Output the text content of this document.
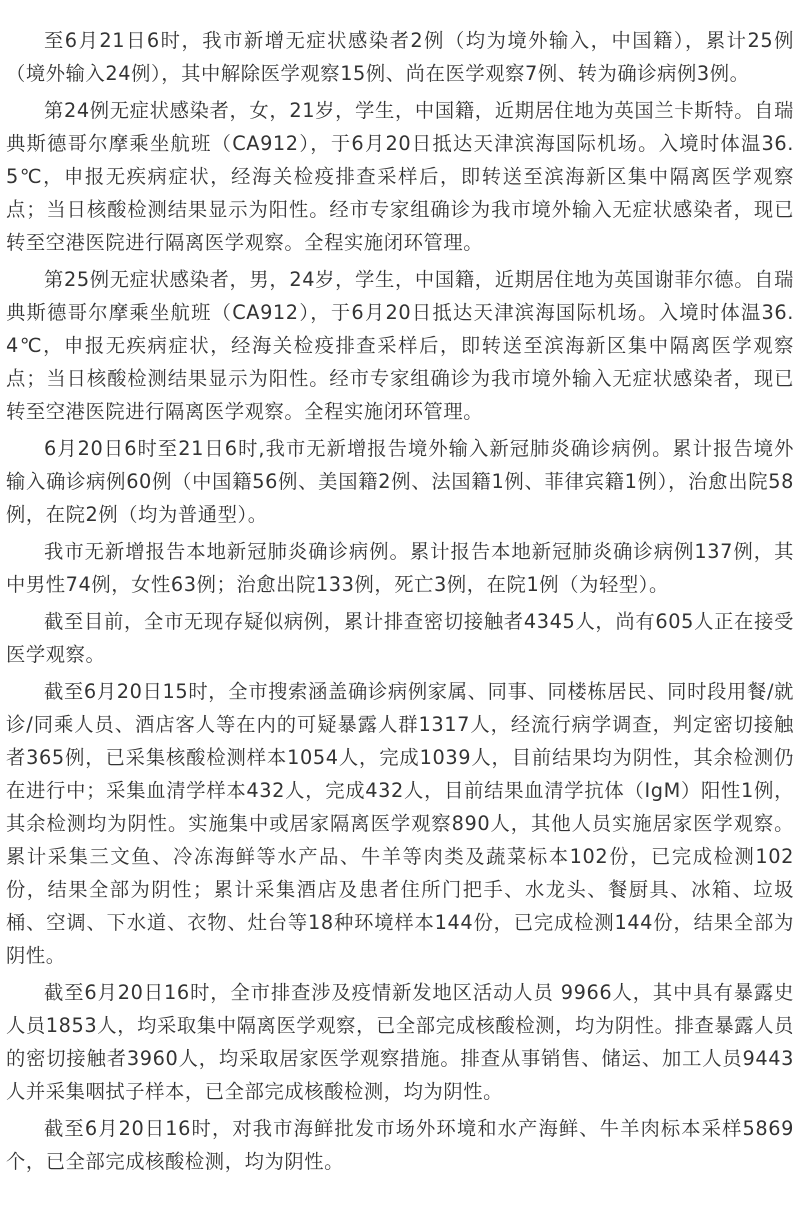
至6月21日6时，我市新增无症状感染者2例（均为境外输入，中国籍），累计25例（境外输入24例），其中解除医学观察15例、尚在医学观察7例、转为确诊病例3例。

第24例无症状感染者，女，21岁，学生，中国籍，近期居住地为英国兰卡斯特。自瑞典斯德哥尔摩乘坐航班（CA912），于6月20日抵达天津滨海国际机场。入境时体温36.5℃，申报无疾病症状，经海关检疫排查采样后，即转送至滨海新区集中隔离医学观察点；当日核酸检测结果显示为阳性。经市专家组确诊为我市境外输入无症状感染者，现已转至空港医院进行隔离医学观察。全程实施闭环管理。

第25例无症状感染者，男，24岁，学生，中国籍，近期居住地为英国谢菲尔德。自瑞典斯德哥尔摩乘坐航班（CA912），于6月20日抵达天津滨海国际机场。入境时体温36.4℃，申报无疾病症状，经海关检疫排查采样后，即转送至滨海新区集中隔离医学观察点；当日核酸检测结果显示为阳性。经市专家组确诊为我市境外输入无症状感染者，现已转至空港医院进行隔离医学观察。全程实施闭环管理。

6月20日6时至21日6时,我市无新增报告境外输入新冠肺炎确诊病例。累计报告境外输入确诊病例60例（中国籍56例、美国籍2例、法国籍1例、菲律宾籍1例），治愈出院58例，在院2例（均为普通型）。

我市无新增报告本地新冠肺炎确诊病例。累计报告本地新冠肺炎确诊病例137例，其中男性74例，女性63例；治愈出院133例，死亡3例，在院1例（为轻型）。

截至目前，全市无现存疑似病例，累计排查密切接触者4345人，尚有605人正在接受医学观察。

截至6月20日15时，全市搜索涵盖确诊病例家属、同事、同楼栋居民、同时段用餐/就诊/同乘人员、酒店客人等在内的可疑暴露人群1317人，经流行病学调查，判定密切接触者365例，已采集核酸检测样本1054人，完成1039人，目前结果均为阴性，其余检测仍在进行中；采集血清学样本432人，完成432人，目前结果血清学抗体（IgM）阳性1例，其余检测均为阴性。实施集中或居家隔离医学观察890人，其他人员实施居家医学观察。累计采集三文鱼、冷冻海鲜等水产品、牛羊等肉类及蔬菜标本102份，已完成检测102份，结果全部为阴性；累计采集酒店及患者住所门把手、水龙头、餐厨具、冰箱、垃圾桶、空调、下水道、衣物、灶台等18种环境样本144份，已完成检测144份，结果全部为阴性。

截至6月20日16时，全市排查涉及疫情新发地区活动人员 9966人，其中具有暴露史人员1853人，均采取集中隔离医学观察，已全部完成核酸检测，均为阴性。排查暴露人员的密切接触者3960人，均采取居家医学观察措施。排查从事销售、储运、加工人员9443人并采集咽拭子样本，已全部完成核酸检测，均为阴性。

截至6月20日16时，对我市海鲜批发市场外环境和水产海鲜、牛羊肉标本采样5869个，已全部完成核酸检测，均为阴性。
